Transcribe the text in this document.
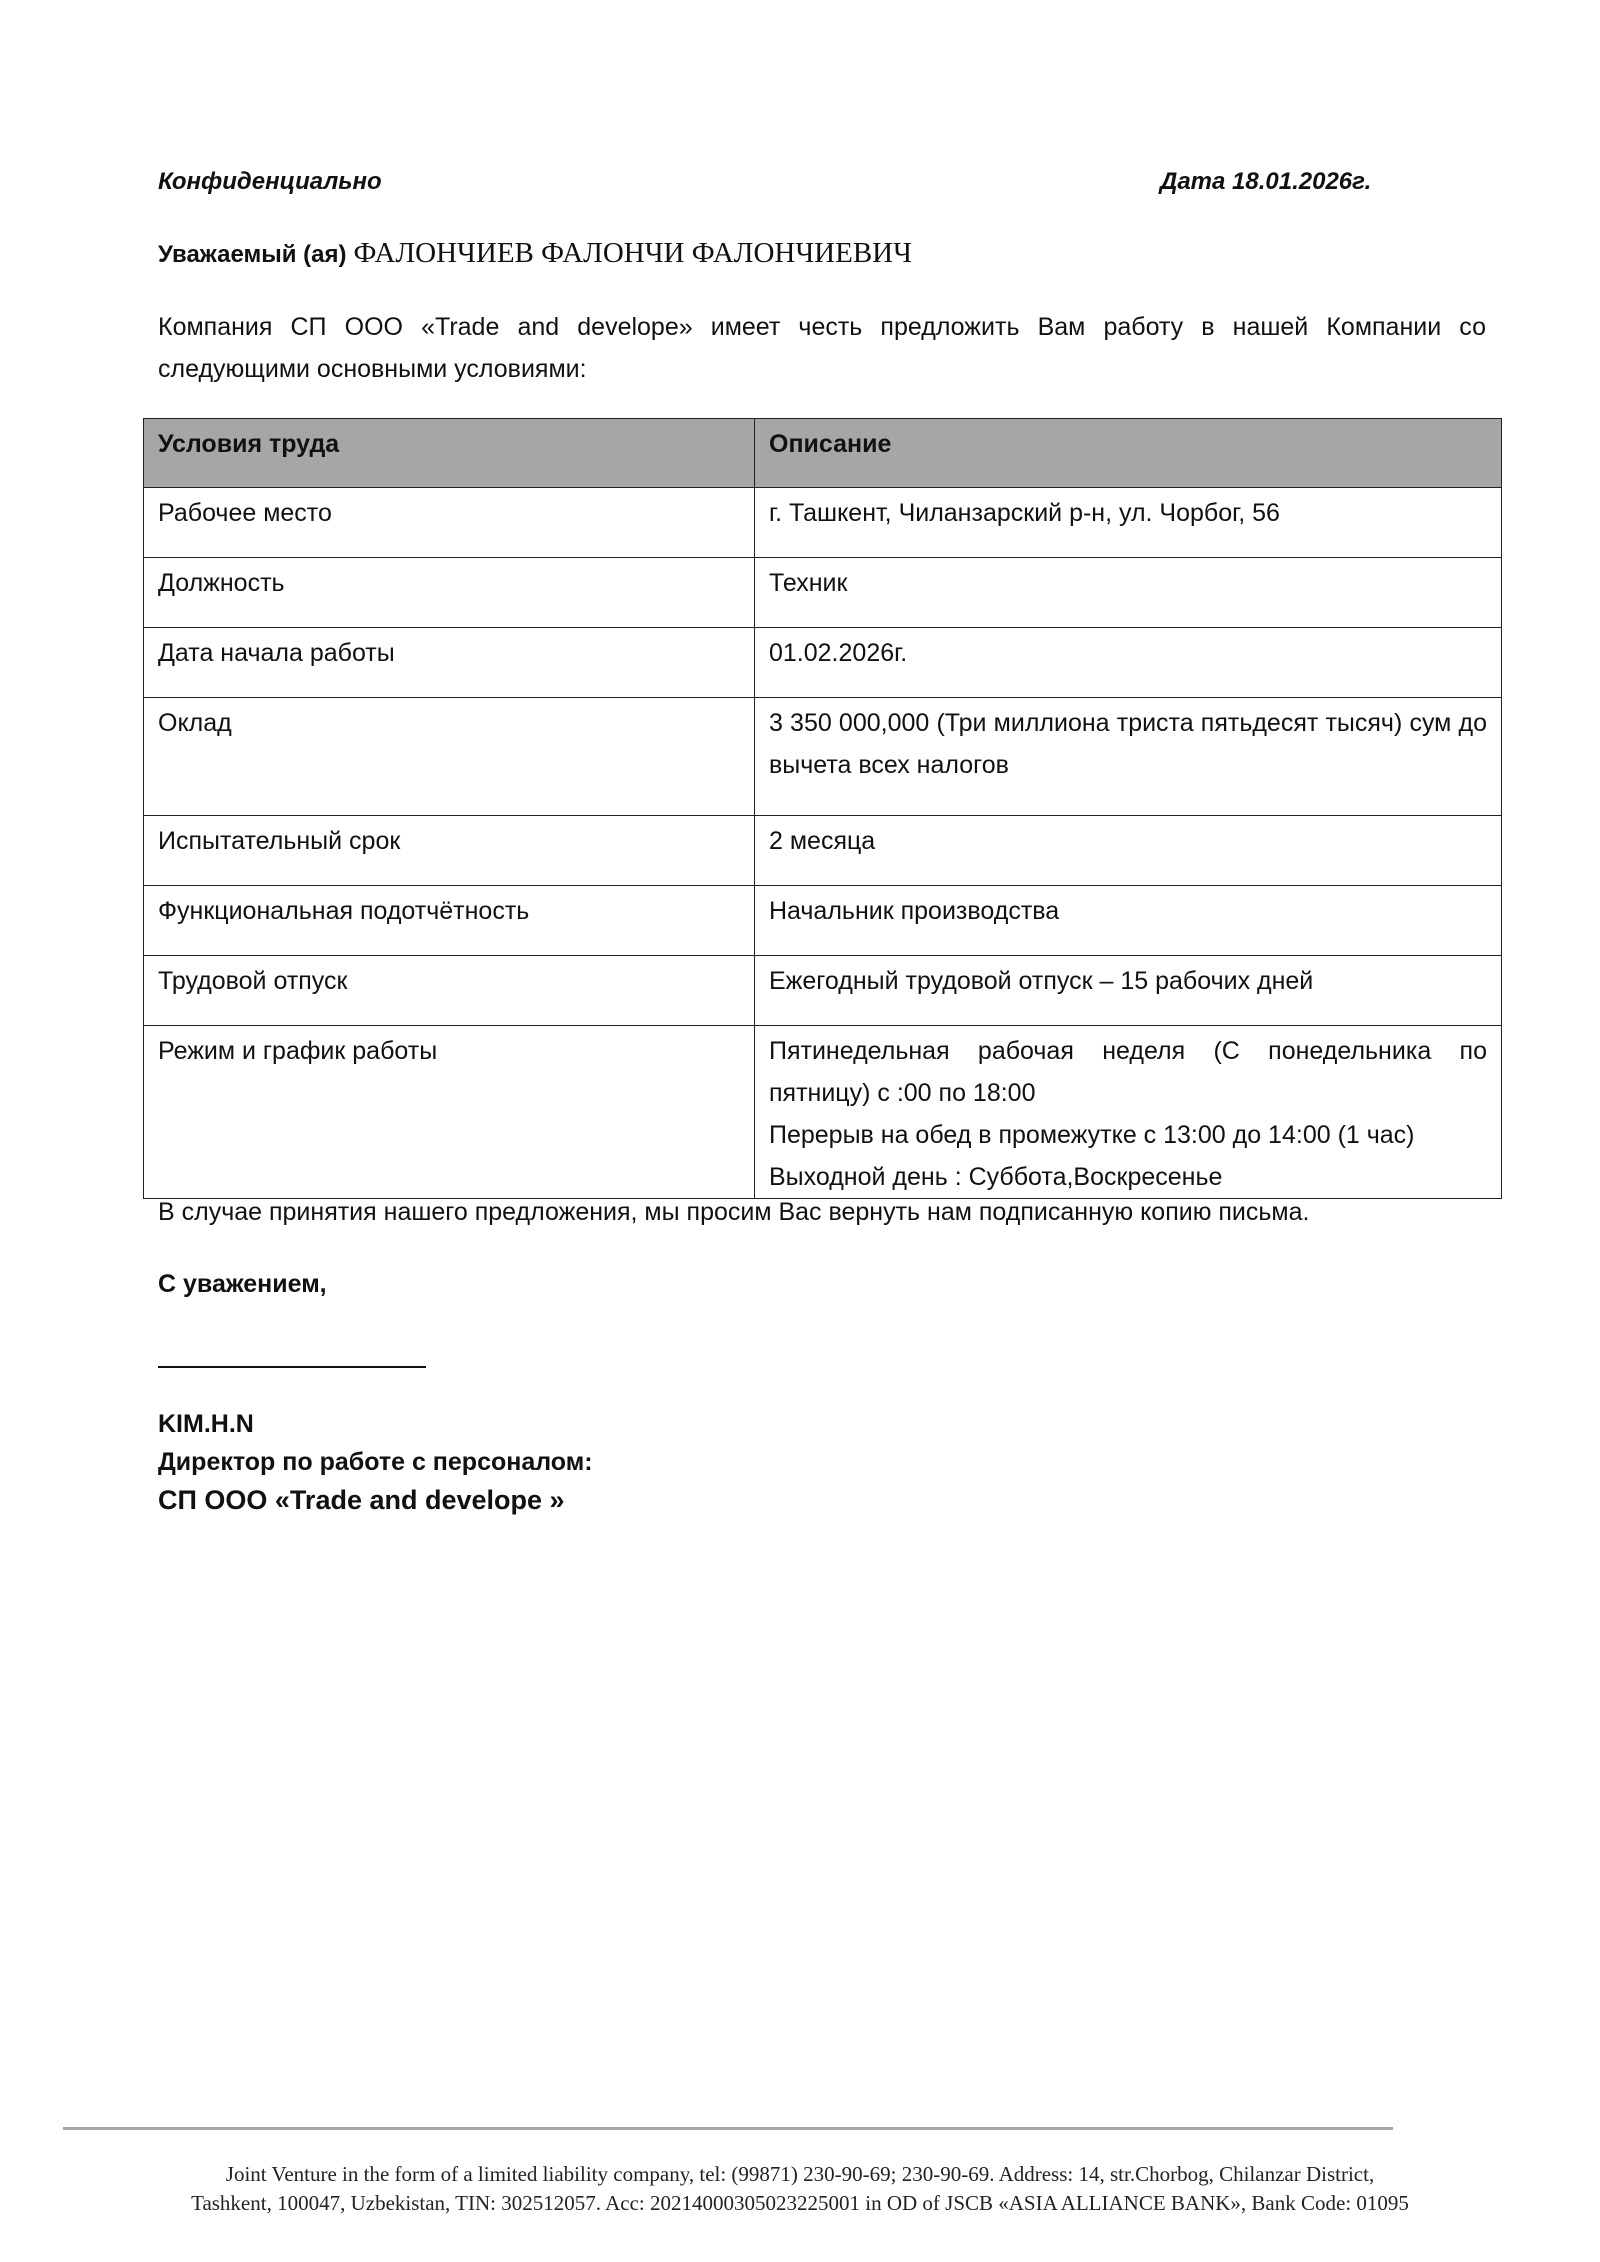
Конфиденциально	Дата 18.01.2026г.
Уважаемый (ая) ФАЛОНЧИЕВ ФАЛОНЧИ ФАЛОНЧИЕВИЧ
Компания СП ООО «Trade and develope» имеет честь предложить Вам работу в нашей Компании со следующими основными условиями:
Условия труда	Описание
Рабочее место	г. Ташкент, Чиланзарский р-н, ул. Чорбог, 56
Должность	Техник
Дата начала работы	01.02.2026г.
Оклад	3 350 000,000 (Три миллиона триста пятьдесят тысяч) сум до вычета всех налогов
Испытательный срок	2 месяца
Функциональная подотчётность	Начальник производства
Трудовой отпуск	Ежегодный трудовой отпуск – 15 рабочих дней
Режим и график работы	Пятинедельная рабочая неделя (С понедельника по пятницу) с :00 по 18:00
Перерыв на обед в промежутке с 13:00 до 14:00 (1 час)
Выходной день : Суббота,Воскресенье
В случае принятия нашего предложения, мы просим Вас вернуть нам подписанную копию письма.
С уважением,
KIM.H.N
Директор по работе с персоналом:
СП ООО «Trade and develope »
Joint Venture in the form of a limited liability company, tel: (99871) 230-90-69; 230-90-69. Address: 14, str.Chorbog, Chilanzar District,
Tashkent, 100047, Uzbekistan, TIN: 302512057. Acc: 20214000305023225001 in OD of JSCB «ASIA ALLIANCE BANK», Bank Code: 01095
